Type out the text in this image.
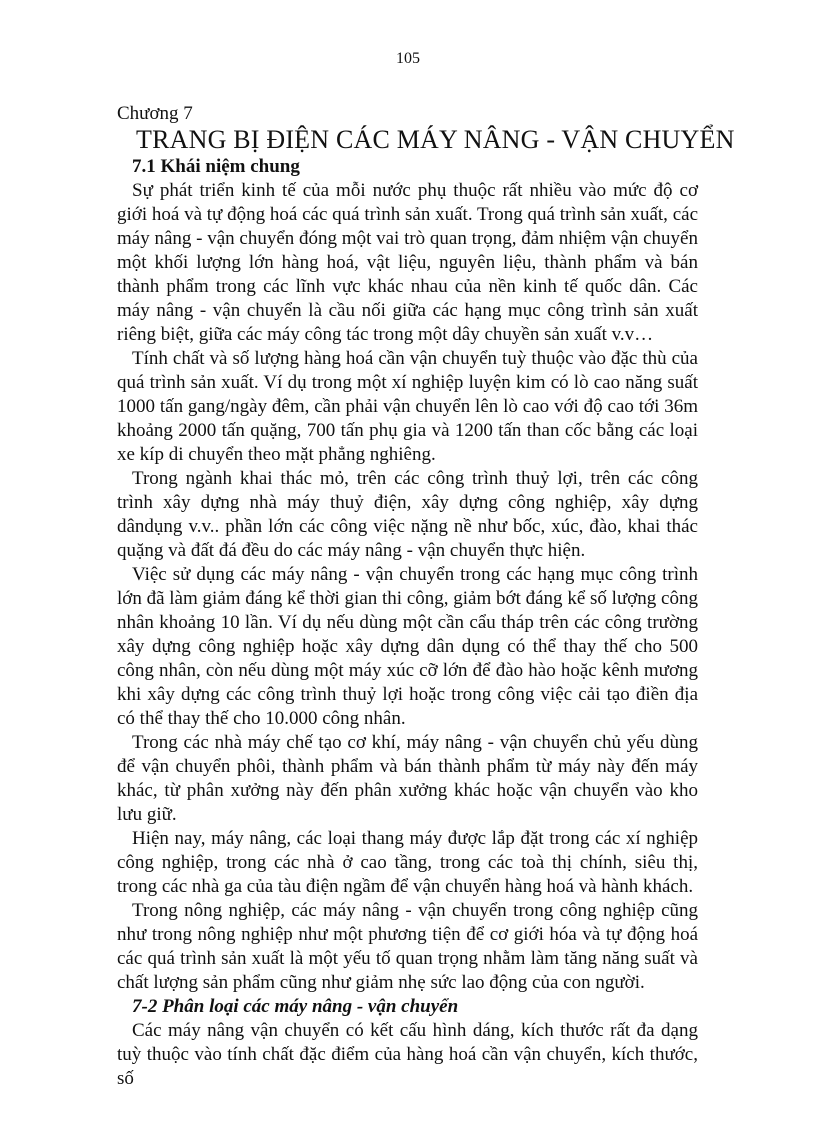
105

Chương 7

TRANG BỊ ĐIỆN CÁC MÁY NÂNG - VẬN CHUYỂN
7.1 Khái niệm chung

Sự phát triển kinh tế của mỗi nước phụ thuộc rất nhiều vào mức độ cơ giới hoá và tự động hoá các quá trình sản xuất. Trong quá trình sản xuất, các máy nâng - vận chuyển đóng một vai trò quan trọng, đảm nhiệm vận chuyển một khối lượng lớn hàng hoá, vật liệu, nguyên liệu, thành phẩm và bán thành phẩm trong các lĩnh vực khác nhau của nền kinh tế quốc dân. Các máy nâng - vận chuyển là cầu nối giữa các hạng mục công trình sản xuất riêng biệt, giữa các máy công tác trong một dây chuyền sản xuất v.v…

Tính chất và số lượng hàng hoá cần vận chuyển tuỳ thuộc vào đặc thù của quá trình sản xuất. Ví dụ trong một xí nghiệp luyện kim có lò cao năng suất 1000 tấn gang/ngày đêm, cần phải vận chuyển lên lò cao với độ cao tới 36m khoảng 2000 tấn quặng, 700 tấn phụ gia và 1200 tấn than cốc bằng các loại xe kíp di chuyển theo mặt phẳng nghiêng.

Trong ngành khai thác mỏ, trên các công trình thuỷ lợi, trên các công trình xây dựng nhà máy thuỷ điện, xây dựng công nghiệp, xây dựng dândụng v.v.. phần lớn các công việc nặng nề như bốc, xúc, đào, khai thác quặng và đất đá đều do các máy nâng - vận chuyển thực hiện.

Việc sử dụng các máy nâng - vận chuyển trong các hạng mục công trình lớn đã làm giảm đáng kể thời gian thi công, giảm bớt đáng kể số lượng công nhân khoảng 10 lần. Ví dụ nếu dùng một cần cẩu tháp trên các công trường xây dựng công nghiệp hoặc xây dựng dân dụng có thể thay thế cho 500 công nhân, còn nếu dùng một máy xúc cỡ lớn để đào hào hoặc kênh mương khi xây dựng các công trình thuỷ lợi hoặc trong công việc cải tạo điền địa có thể thay thế cho 10.000 công nhân.

Trong các nhà máy chế tạo cơ khí, máy nâng - vận chuyển chủ yếu dùng để vận chuyển phôi, thành phẩm và bán thành phẩm từ máy này đến máy khác, từ phân xưởng này đến phân xưởng khác hoặc vận chuyển vào kho lưu giữ.

Hiện nay, máy nâng, các loại thang máy được lắp đặt trong các xí nghiệp công nghiệp, trong các nhà ở cao tầng, trong các toà thị chính, siêu thị, trong các nhà ga của tàu điện ngầm để vận chuyển hàng hoá và hành khách.

Trong nông nghiệp, các máy nâng - vận chuyển trong công nghiệp cũng như trong nông nghiệp như một phương tiện để cơ giới hóa và tự động hoá các quá trình sản xuất là một yếu tố quan trọng nhằm làm tăng năng suất và chất lượng sản phẩm cũng như giảm nhẹ sức lao động của con người.

7-2 Phân loại các máy nâng - vận chuyển

Các máy nâng vận chuyển có kết cấu hình dáng, kích thước rất đa dạng tuỳ thuộc vào tính chất đặc điểm của hàng hoá cần vận chuyển, kích thước, số
